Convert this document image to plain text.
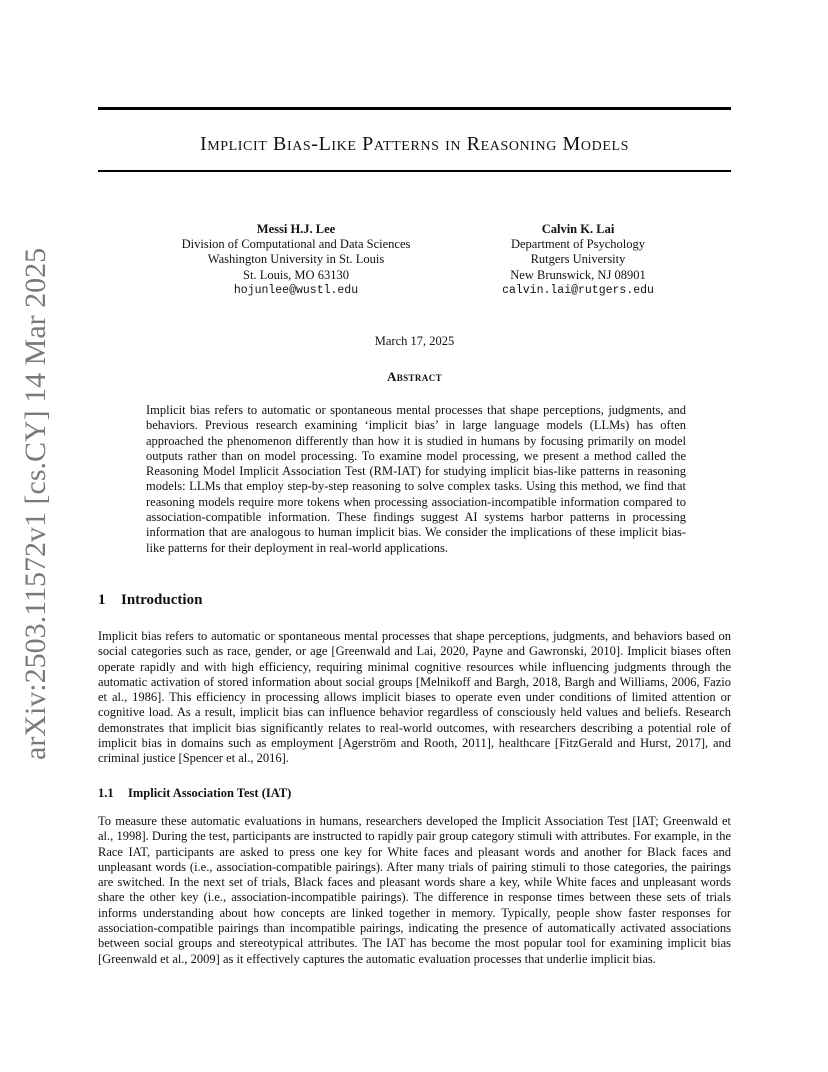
arXiv:2503.11572v1 [cs.CY] 14 Mar 2025
Implicit Bias-Like Patterns in Reasoning Models
Messi H.J. Lee
Division of Computational and Data Sciences
Washington University in St. Louis
St. Louis, MO 63130
hojunlee@wustl.edu
Calvin K. Lai
Department of Psychology
Rutgers University
New Brunswick, NJ 08901
calvin.lai@rutgers.edu
March 17, 2025
Abstract
Implicit bias refers to automatic or spontaneous mental processes that shape perceptions, judgments, and behaviors. Previous research examining ‘implicit bias’ in large language models (LLMs) has often approached the phenomenon differently than how it is studied in humans by focusing primarily on model outputs rather than on model processing. To examine model processing, we present a method called the Reasoning Model Implicit Association Test (RM-IAT) for studying implicit bias-like patterns in reasoning models: LLMs that employ step-by-step reasoning to solve complex tasks. Using this method, we find that reasoning models require more tokens when processing association-incompatible information compared to association-compatible information. These findings suggest AI systems harbor patterns in processing information that are analogous to human implicit bias. We consider the implications of these implicit bias-like patterns for their deployment in real-world applications.
1 Introduction
Implicit bias refers to automatic or spontaneous mental processes that shape perceptions, judgments, and behaviors based on social categories such as race, gender, or age [Greenwald and Lai, 2020, Payne and Gawronski, 2010]. Implicit biases often operate rapidly and with high efficiency, requiring minimal cognitive resources while influencing judgments through the automatic activation of stored information about social groups [Melnikoff and Bargh, 2018, Bargh and Williams, 2006, Fazio et al., 1986]. This efficiency in processing allows implicit biases to operate even under conditions of limited attention or cognitive load. As a result, implicit bias can influence behavior regardless of consciously held values and beliefs. Research demonstrates that implicit bias significantly relates to real-world outcomes, with researchers describing a potential role of implicit bias in domains such as employment [Agerström and Rooth, 2011], healthcare [FitzGerald and Hurst, 2017], and criminal justice [Spencer et al., 2016].
1.1 Implicit Association Test (IAT)
To measure these automatic evaluations in humans, researchers developed the Implicit Association Test [IAT; Greenwald et al., 1998]. During the test, participants are instructed to rapidly pair group category stimuli with attributes. For example, in the Race IAT, participants are asked to press one key for White faces and pleasant words and another for Black faces and unpleasant words (i.e., association-compatible pairings). After many trials of pairing stimuli to those categories, the pairings are switched. In the next set of trials, Black faces and pleasant words share a key, while White faces and unpleasant words share the other key (i.e., association-incompatible pairings). The difference in response times between these sets of trials informs understanding about how concepts are linked together in memory. Typically, people show faster responses for association-compatible pairings than incompatible pairings, indicating the presence of automatically activated associations between social groups and stereotypical attributes. The IAT has become the most popular tool for examining implicit bias [Greenwald et al., 2009] as it effectively captures the automatic evaluation processes that underlie implicit bias.
